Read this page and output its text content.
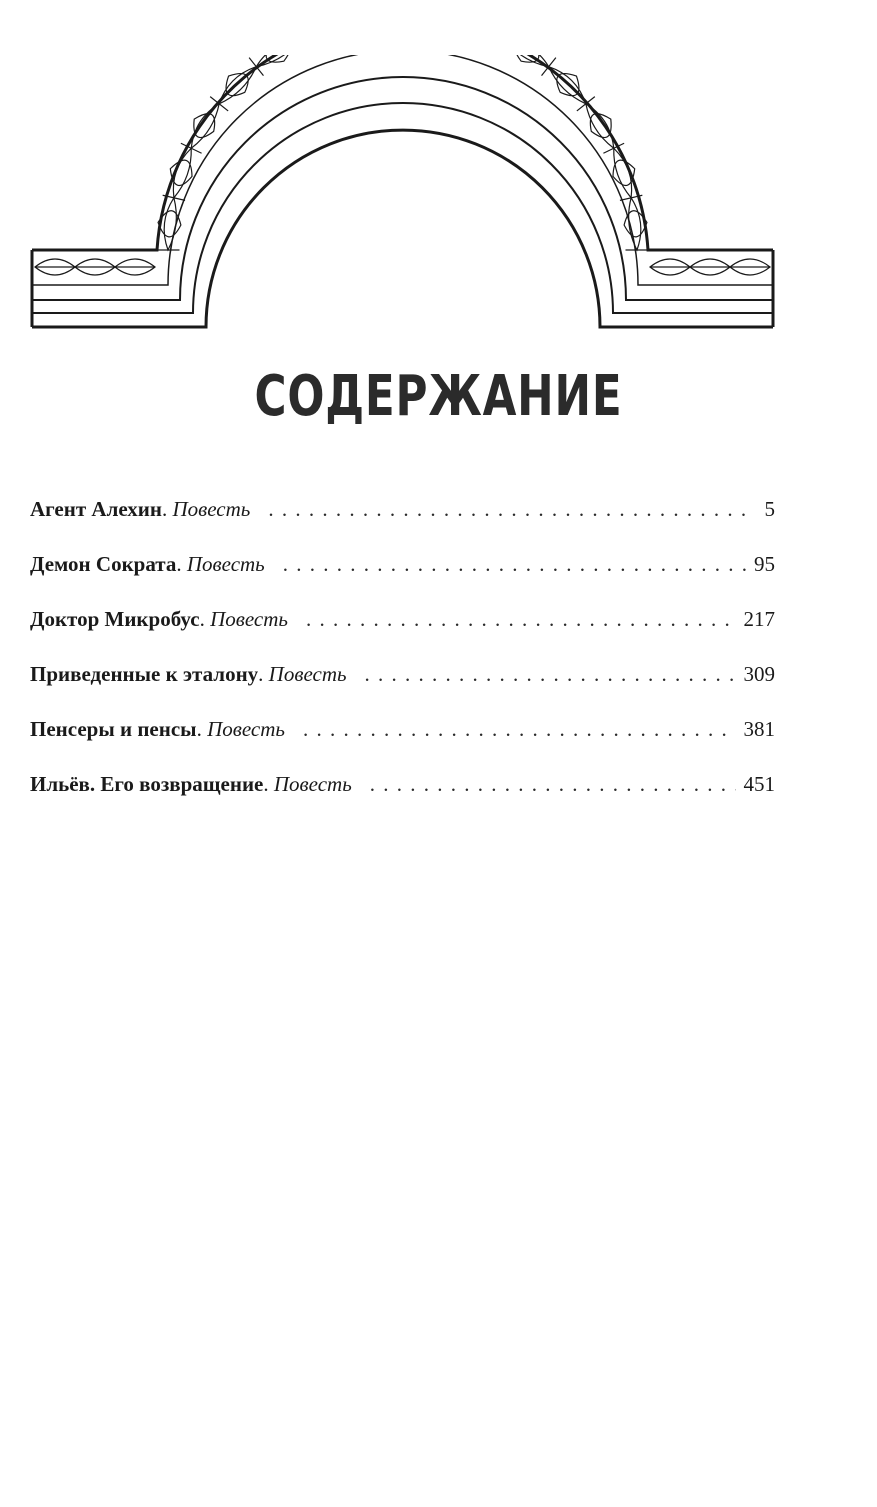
СОДЕРЖАНИЕ
Агент Алехин . Повесть . . .	5
Демон Сократа . Повесть . . .	95
Доктор Микробус . Повесть . . .	217
Приведенные к эталону . Повесть . . .	309
Пенсеры и пенсы . Повесть . . .	381
Ильёв. Его возвращение . Повесть . . .	451
